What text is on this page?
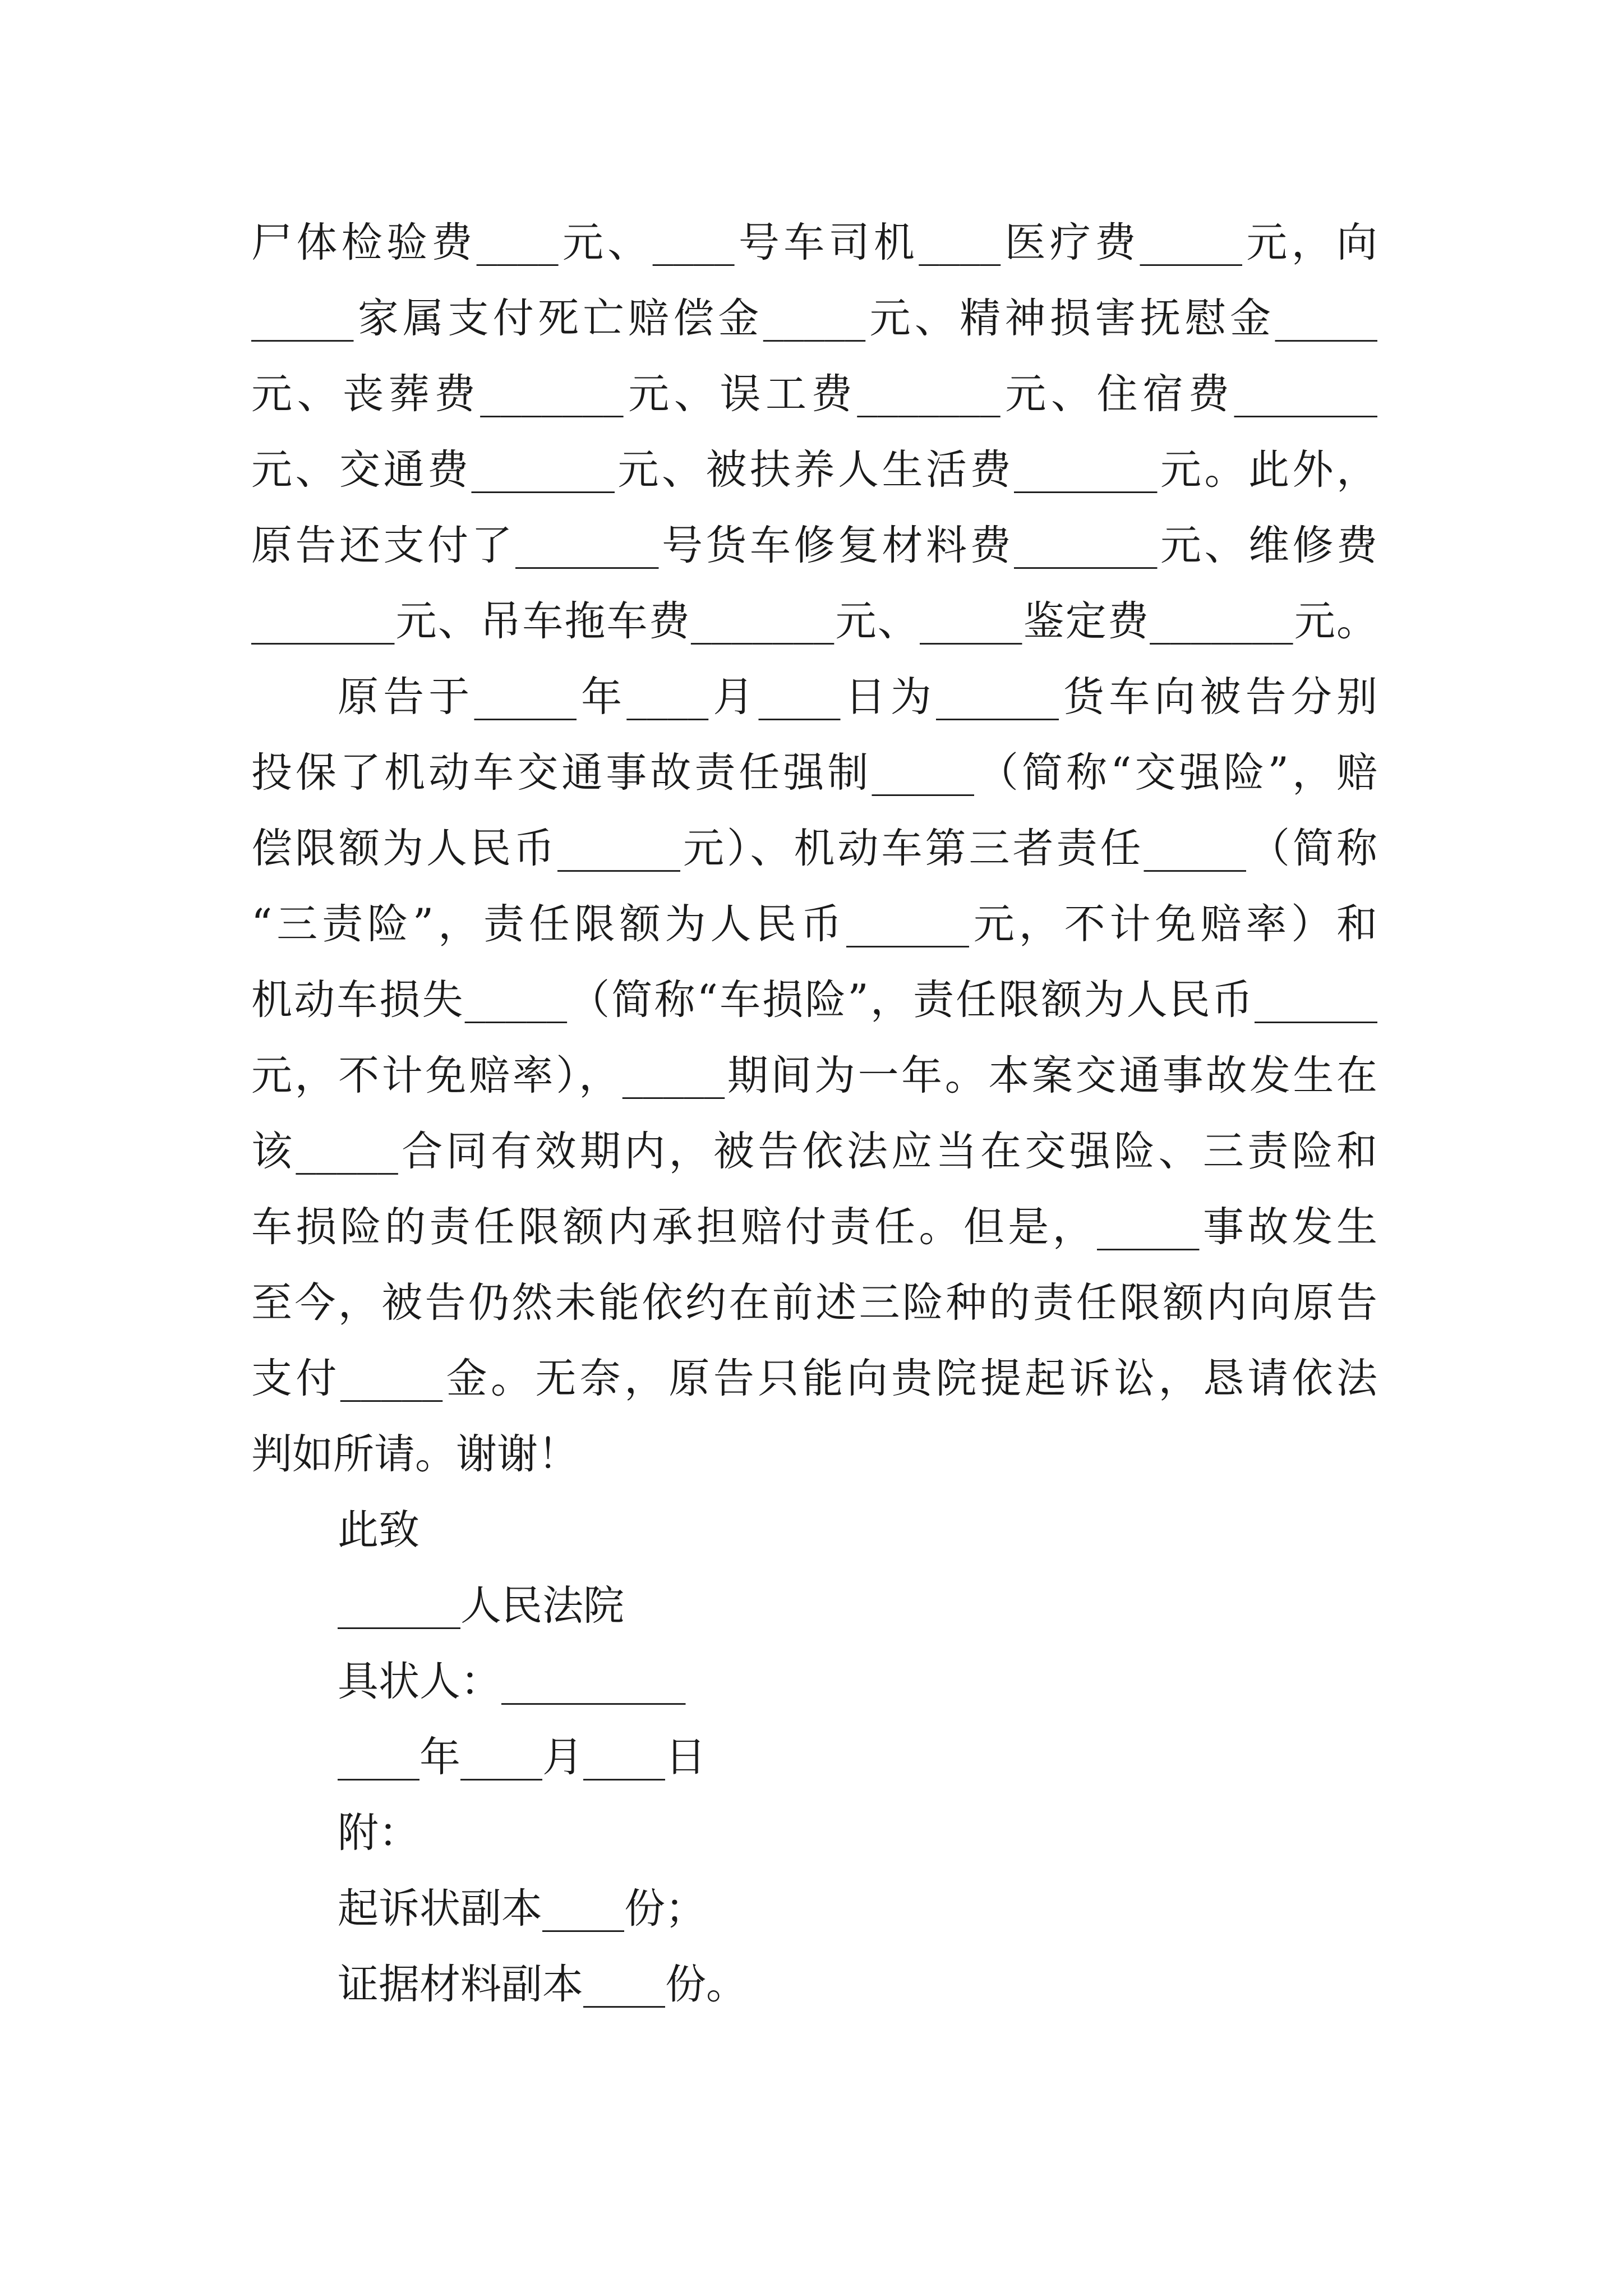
尸体检验费____元、____号车司机____医疗费_____元，向

_____家属支付死亡赔偿金_____元、精神损害抚慰金_____

元、丧葬费_______元、误工费_______元、住宿费_______

元、交通费_______元、被扶养人生活费_______元。此外，

原告还支付了_______号货车修复材料费_______元、维修费

_______元、吊车拖车费_______元、_____鉴定费_______元。

原告于_____年____月____日为______货车向被告分别

投保了机动车交通事故责任强制_____（简称“交强险”，赔

偿限额为人民币______元）、机动车第三者责任_____（简称

“三责险”，责任限额为人民币______元，不计免赔率）和

机动车损失_____（简称“车损险”，责任限额为人民币______

元，不计免赔率），_____期间为一年。本案交通事故发生在

该_____合同有效期内，被告依法应当在交强险、三责险和

车损险的责任限额内承担赔付责任。但是，_____事故发生

至今，被告仍然未能依约在前述三险种的责任限额内向原告

支付_____金。无奈，原告只能向贵院提起诉讼，恳请依法

判如所请。谢谢！

此致

______人民法院

具状人：_________

____年____月____日

附：

起诉状副本____份；

证据材料副本____份。
